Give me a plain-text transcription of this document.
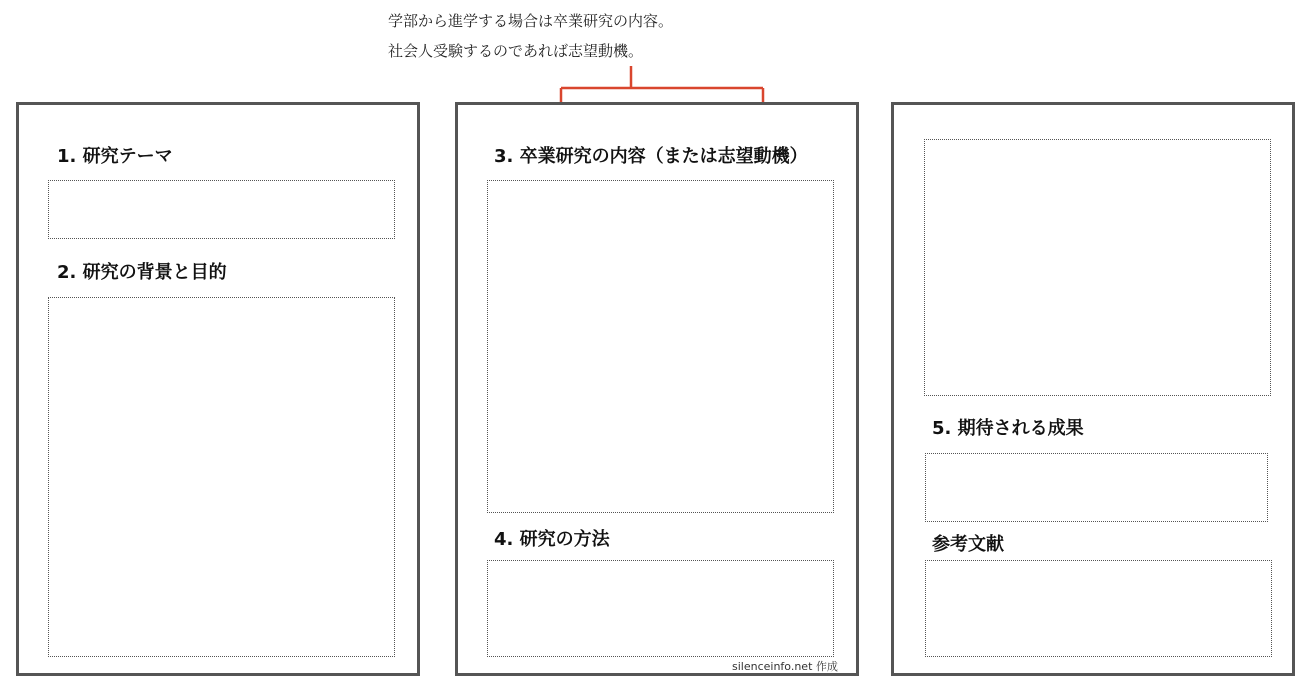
学部から進学する場合は卒業研究の内容。
社会人受験するのであれば志望動機。
1. 研究テーマ
2. 研究の背景と目的
3. 卒業研究の内容（または志望動機）
4. 研究の方法
silenceinfo.net 作成
5. 期待される成果
参考文献
